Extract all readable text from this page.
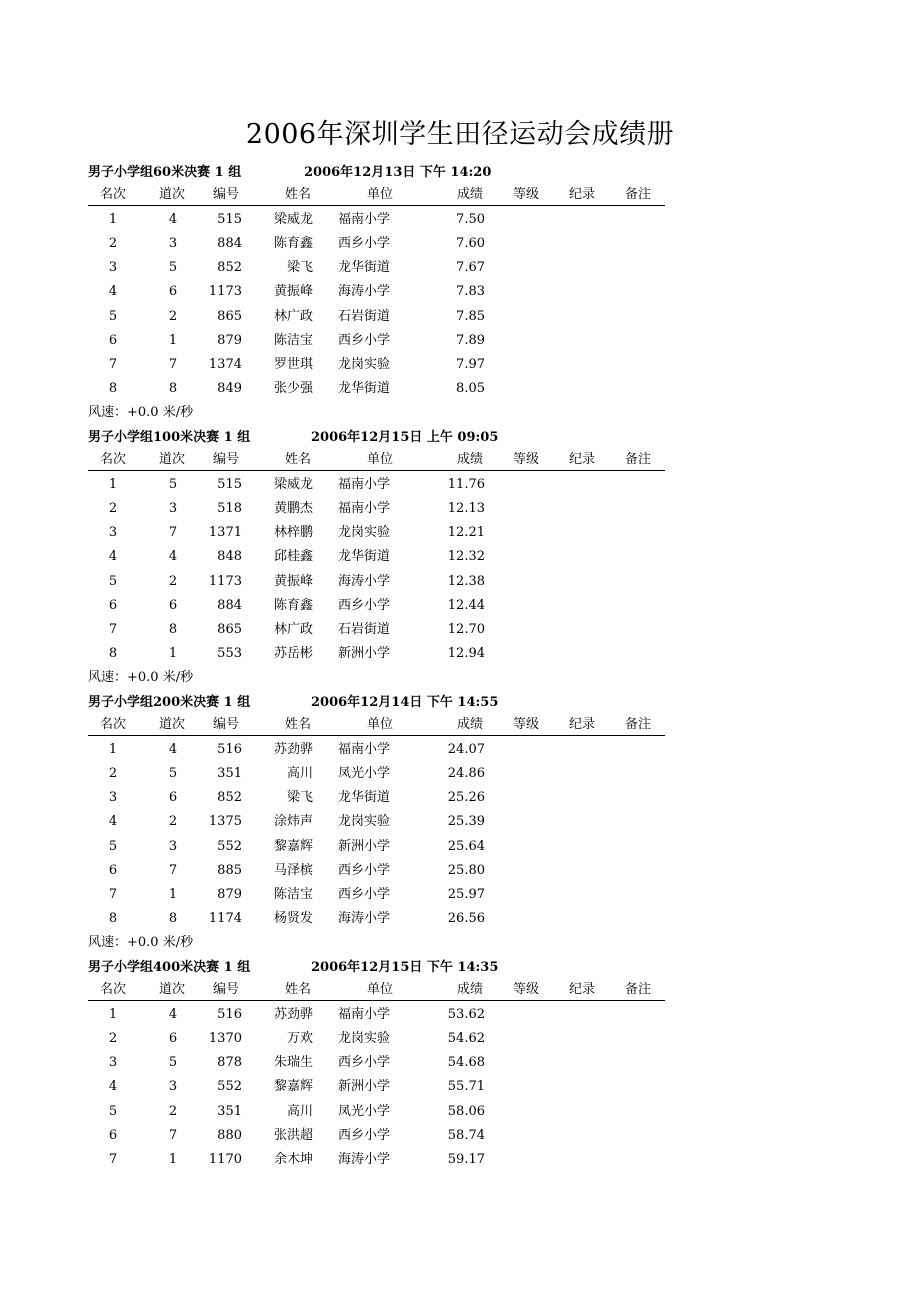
2006年深圳学生田径运动会成绩册
男子小学组60米决赛 1 组	2006年12月13日 下午 14:20
名次	道次	编号	姓名	单位	成绩	等级	纪录	备注
1	4	515	梁威龙 福南小学	7.50
2	3	884	陈育鑫 西乡小学	7.60
3	5	852	梁飞 龙华街道	7.67
4	6	1173	黄振峰 海涛小学	7.83
5	2	865	林广政 石岩街道	7.85
6	1	879	陈洁宝 西乡小学	7.89
7	7	1374	罗世琪 龙岗实验	7.97
8	8	849	张少强 龙华街道	8.05
风速：+0.0 米/秒
男子小学组100米决赛 1 组	2006年12月15日 上午 09:05
名次	道次	编号	姓名	单位	成绩	等级	纪录	备注
1	5	515	梁威龙 福南小学	11.76
2	3	518	黄鹏杰 福南小学	12.13
3	7	1371	林梓鹏 龙岗实验	12.21
4	4	848	邱桂鑫 龙华街道	12.32
5	2	1173	黄振峰 海涛小学	12.38
6	6	884	陈育鑫 西乡小学	12.44
7	8	865	林广政 石岩街道	12.70
8	1	553	苏岳彬 新洲小学	12.94
风速：+0.0 米/秒
男子小学组200米决赛 1 组	2006年12月14日 下午 14:55
名次	道次	编号	姓名	单位	成绩	等级	纪录	备注
1	4	516	苏劲骅 福南小学	24.07
2	5	351	高川 凤光小学	24.86
3	6	852	梁飞 龙华街道	25.26
4	2	1375	涂炜声 龙岗实验	25.39
5	3	552	黎嘉辉 新洲小学	25.64
6	7	885	马泽槟 西乡小学	25.80
7	1	879	陈洁宝 西乡小学	25.97
8	8	1174	杨贤发 海涛小学	26.56
风速：+0.0 米/秒
男子小学组400米决赛 1 组	2006年12月15日 下午 14:35
名次	道次	编号	姓名	单位	成绩	等级	纪录	备注
1	4	516	苏劲骅 福南小学	53.62
2	6	1370	万欢 龙岗实验	54.62
3	5	878	朱瑞生 西乡小学	54.68
4	3	552	黎嘉辉 新洲小学	55.71
5	2	351	高川 凤光小学	58.06
6	7	880	张洪超 西乡小学	58.74
7	1	1170	余木坤 海涛小学	59.17
